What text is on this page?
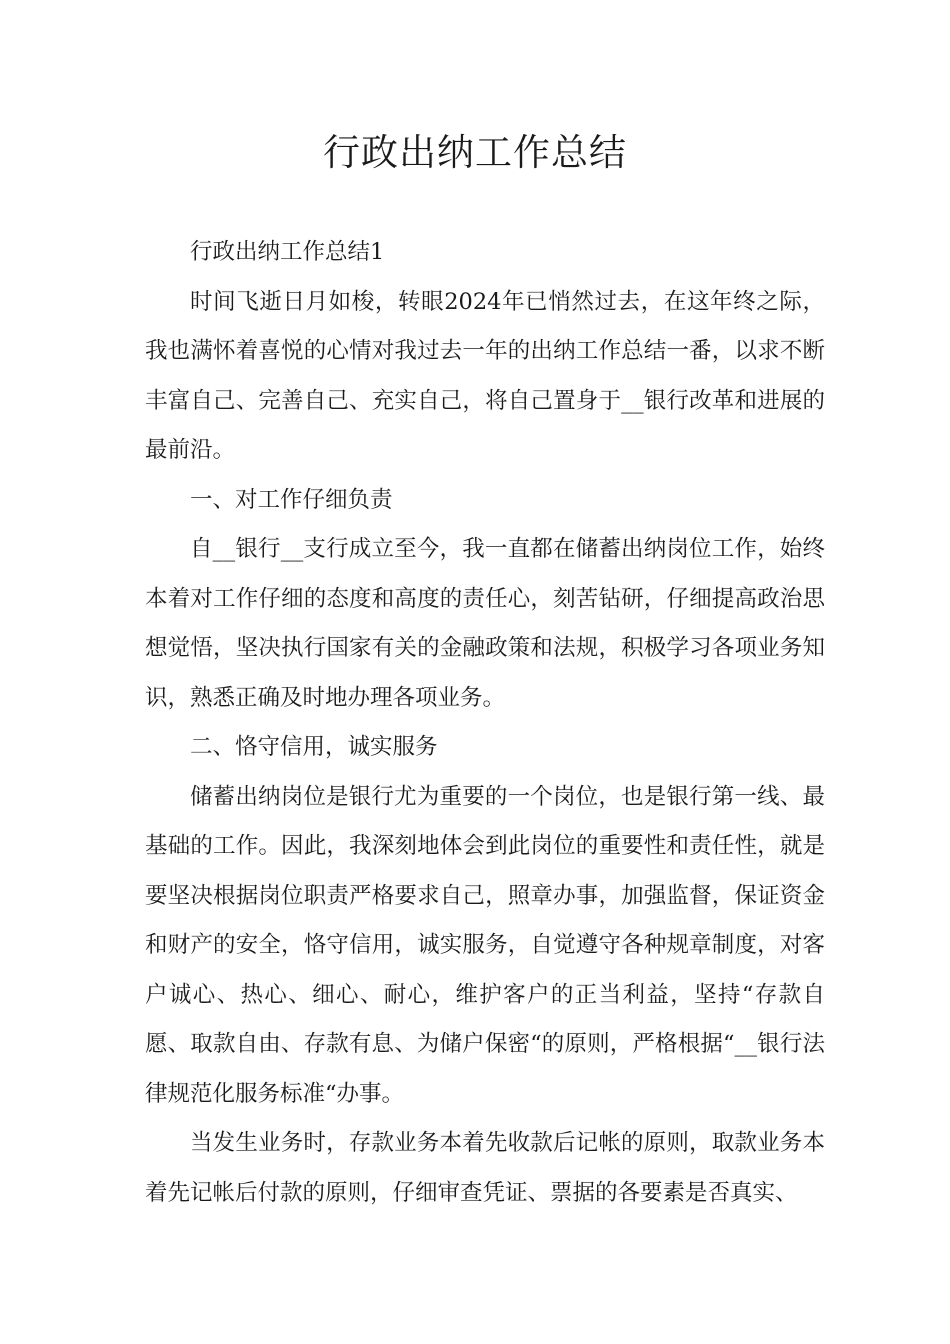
行政出纳工作总结

行政出纳工作总结1

时间飞逝日月如梭，转眼2024年已悄然过去，在这年终之际，我也满怀着喜悦的心情对我过去一年的出纳工作总结一番，以求不断丰富自己、完善自己、充实自己，将自己置身于__银行改革和进展的最前沿。

一、对工作仔细负责

自__银行__支行成立至今，我一直都在储蓄出纳岗位工作，始终本着对工作仔细的态度和高度的责任心，刻苦钻研，仔细提高政治思想觉悟，坚决执行国家有关的金融政策和法规，积极学习各项业务知识，熟悉正确及时地办理各项业务。

二、恪守信用，诚实服务

储蓄出纳岗位是银行尤为重要的一个岗位，也是银行第一线、最基础的工作。因此，我深刻地体会到此岗位的重要性和责任性，就是要坚决根据岗位职责严格要求自己，照章办事，加强监督，保证资金和财产的安全，恪守信用，诚实服务，自觉遵守各种规章制度，对客户诚心、热心、细心、耐心，维护客户的正当利益，坚持“存款自愿、取款自由、存款有息、为储户保密“的原则，严格根据“__银行法律规范化服务标准“办事。

当发生业务时，存款业务本着先收款后记帐的原则，取款业务本着先记帐后付款的原则，仔细审查凭证、票据的各要素是否真实、
